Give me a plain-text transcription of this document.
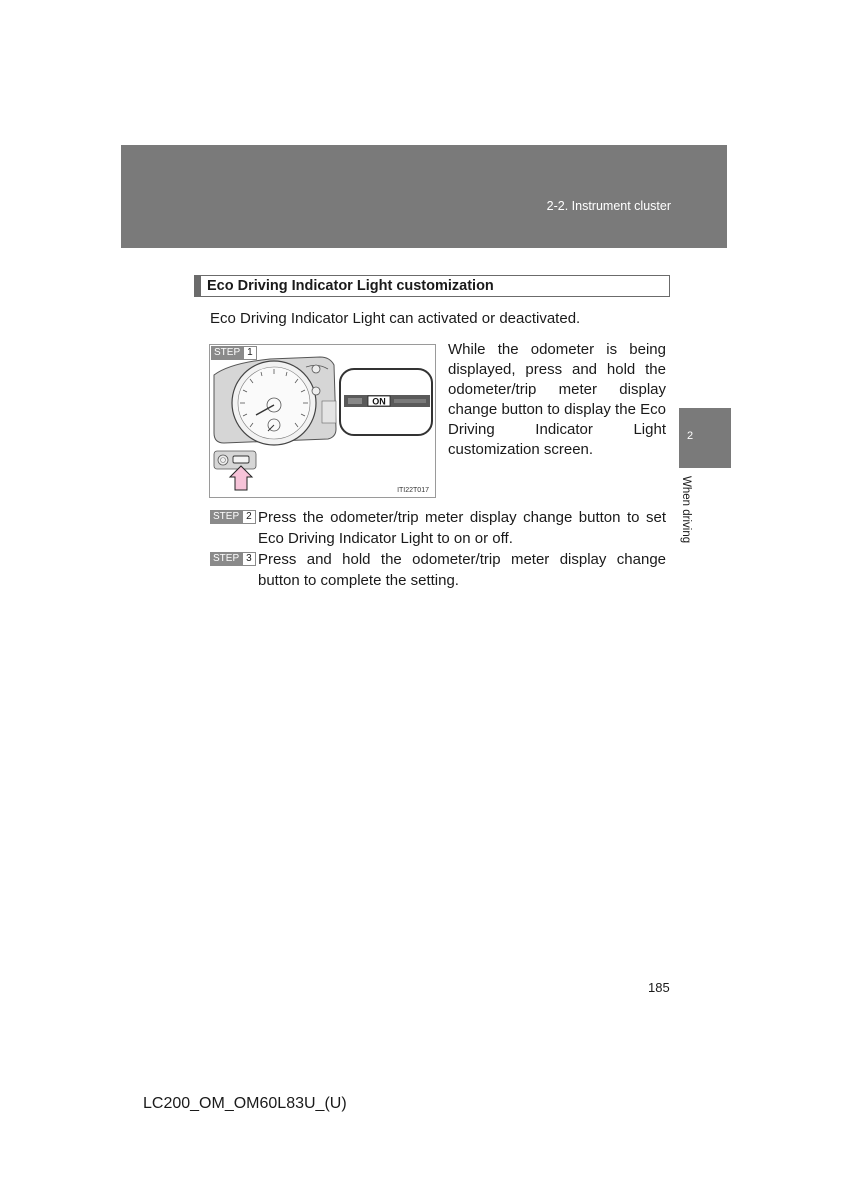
2-2. Instrument cluster
2
When driving
Eco Driving Indicator Light customization
Eco Driving Indicator Light can activated or deactivated.
ON
STEP 1
ITI22T017
While the odometer is being displayed, press and hold the odometer/trip meter display change button to display the Eco Driving Indicator Light customization screen.
STEP 2 Press the odometer/trip meter display change button to set Eco Driving Indicator Light to on or off.
STEP 3 Press and hold the odometer/trip meter display change button to complete the setting.
185
LC200_OM_OM60L83U_(U)
